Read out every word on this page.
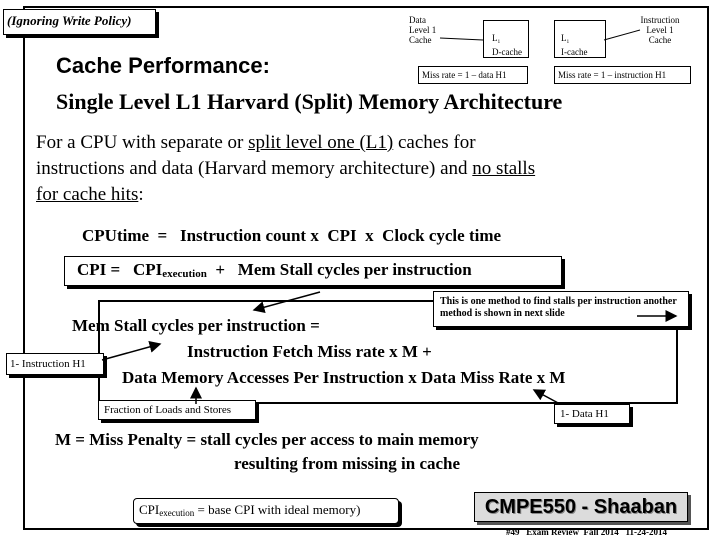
(Ignoring Write Policy)	Data
Level 1
Cache	$L_1$
D-cache
$L_1$
I-cache
Instruction
Level 1
Cache
Miss rate = 1 – data H1	Miss rate = 1 – instruction H1
Cache Performance:
Single Level L1 Harvard (Split) Memory Architecture
For a CPU with separate or split level one (L1) caches for
instructions and data (Harvard memory architecture) and no stalls
for cache hits:
CPUtime  =   Instruction count x  CPI  x  Clock cycle time
CPI = CPIexecution  +   Mem Stall cycles per instruction
This is one method to find stalls per instruction another method is shown in next slide
Mem Stall cycles per instruction =
Instruction Fetch Miss rate x M +
Data Memory Accesses Per Instruction x Data Miss Rate x M
1- Instruction H1
Fraction of Loads and Stores	1- Data H1
M = Miss Penalty = stall cycles per access to main memory
resulting from missing in cache
$CPI_{execution}$ = base CPI with ideal memory)	CMPE550 - Shaaban
#49   Exam Review  Fall 2014   11-24-2014
